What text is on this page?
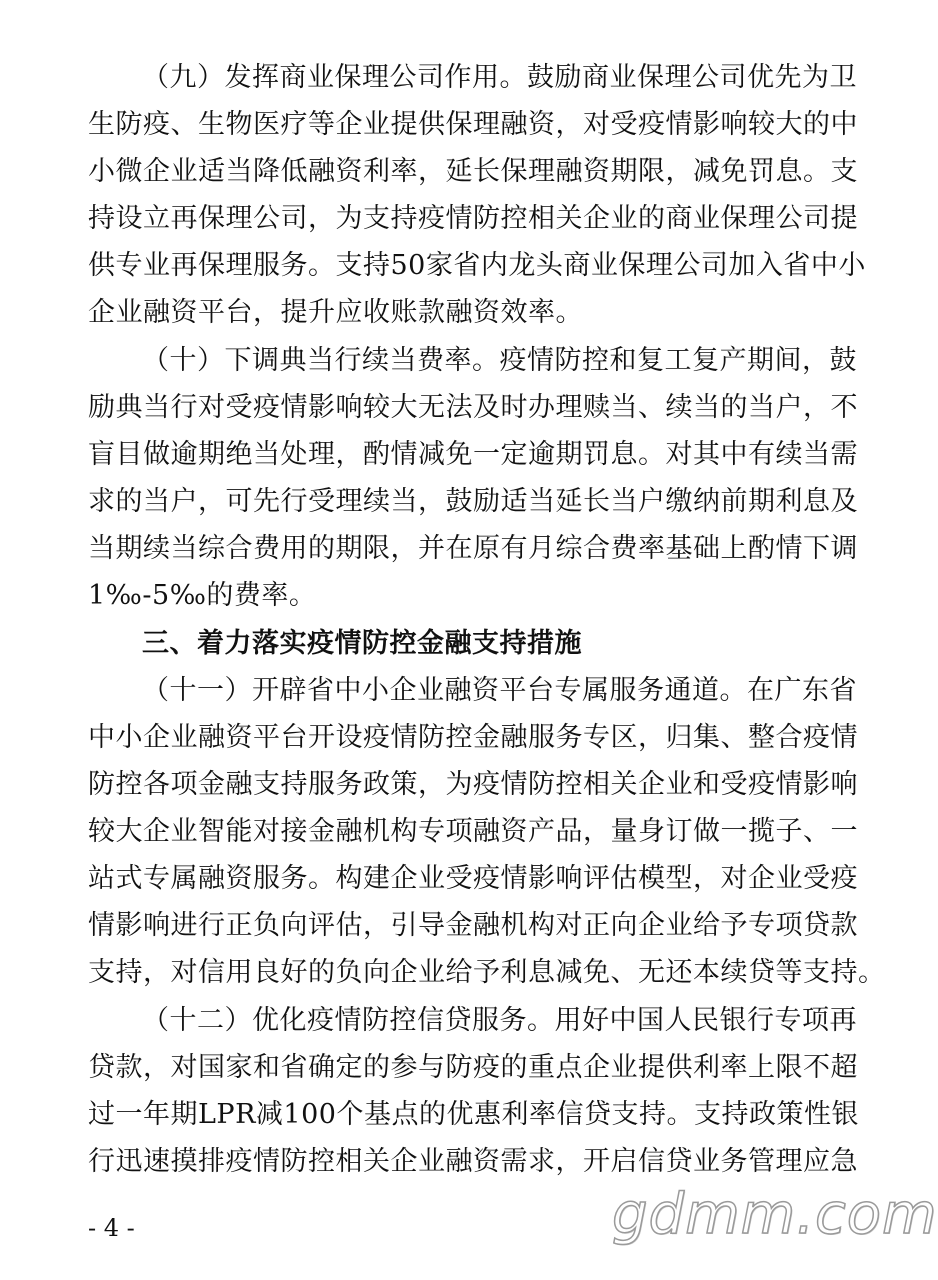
（九）发挥商业保理公司作用。鼓励商业保理公司优先为卫
生防疫、生物医疗等企业提供保理融资，对受疫情影响较大的中
小微企业适当降低融资利率，延长保理融资期限，减免罚息。支
持设立再保理公司，为支持疫情防控相关企业的商业保理公司提
供专业再保理服务。支持50家省内龙头商业保理公司加入省中小
企业融资平台，提升应收账款融资效率。
（十）下调典当行续当费率。疫情防控和复工复产期间，鼓
励典当行对受疫情影响较大无法及时办理赎当、续当的当户，不
盲目做逾期绝当处理，酌情减免一定逾期罚息。对其中有续当需
求的当户，可先行受理续当，鼓励适当延长当户缴纳前期利息及
当期续当综合费用的期限，并在原有月综合费率基础上酌情下调
1‰-5‰的费率。
三、着力落实疫情防控金融支持措施
（十一）开辟省中小企业融资平台专属服务通道。在广东省
中小企业融资平台开设疫情防控金融服务专区，归集、整合疫情
防控各项金融支持服务政策，为疫情防控相关企业和受疫情影响
较大企业智能对接金融机构专项融资产品，量身订做一揽子、一
站式专属融资服务。构建企业受疫情影响评估模型，对企业受疫
情影响进行正负向评估，引导金融机构对正向企业给予专项贷款
支持，对信用良好的负向企业给予利息减免、无还本续贷等支持。
（十二）优化疫情防控信贷服务。用好中国人民银行专项再
贷款，对国家和省确定的参与防疫的重点企业提供利率上限不超
过一年期LPR减100个基点的优惠利率信贷支持。支持政策性银
行迅速摸排疫情防控相关企业融资需求，开启信贷业务管理应急
- 4 -	gdmm.com
